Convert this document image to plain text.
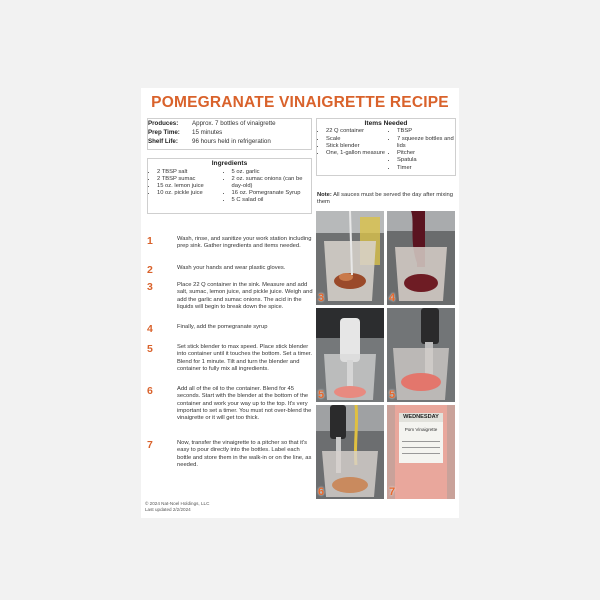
POMEGRANATE VINAIGRETTE RECIPE
Produces:	Approx. 7 bottles of vinaigrette
Prep Time:	15 minutes
Shelf Life:	96 hours held in refrigeration
Items Needed
• 22 Q container
• Scale
• Stick blender
• One, 1-gallon measure
• TBSP
• 7 squeeze bottles and lids
• Pitcher
• Spatula
• Timer
Ingredients
• 2 TBSP salt
• 2 TBSP sumac
• 15 oz. lemon juice
• 10 oz. pickle juice
• 5 oz. garlic
• 2 oz. sumac onions (can be day-old)
• 16 oz. Pomegranate Syrup
• 5 C salad oil
Note: All sauces must be served the day after mixing them
1	Wash, rinse, and sanitize your work station including prep sink. Gather ingredients and items needed.
2	Wash your hands and wear plastic gloves.
3	Place 22 Q container in the sink. Measure and add salt, sumac, lemon juice, and pickle juice. Weigh and add the garlic and sumac onions. The acid in the liquids will begin to break down the spice.
4	Finally, add the pomegranate syrup
5	Set stick blender to max speed. Place stick blender into container until it touches the bottom. Set a timer. Blend for 1 minute. Tilt and turn the blender and container to fully mix all ingredients.
6	Add all of the oil to the container. Blend for 45 seconds. Start with the blender at the bottom of the container and work your way up to the top. It's very important to set a timer. You must not over-blend the vinaigrette or it will get too thick.
7	Now, transfer the vinaigrette to a pitcher so that it's easy to pour directly into the bottles. Label each bottle and store them in the walk-in or on the line, as needed.
3	4
5	5
6
WEDNESDAY
Pom Vinaigrette
7
© 2024 Nat-Noel Holdings, LLC
Last updated 2/2/2024
